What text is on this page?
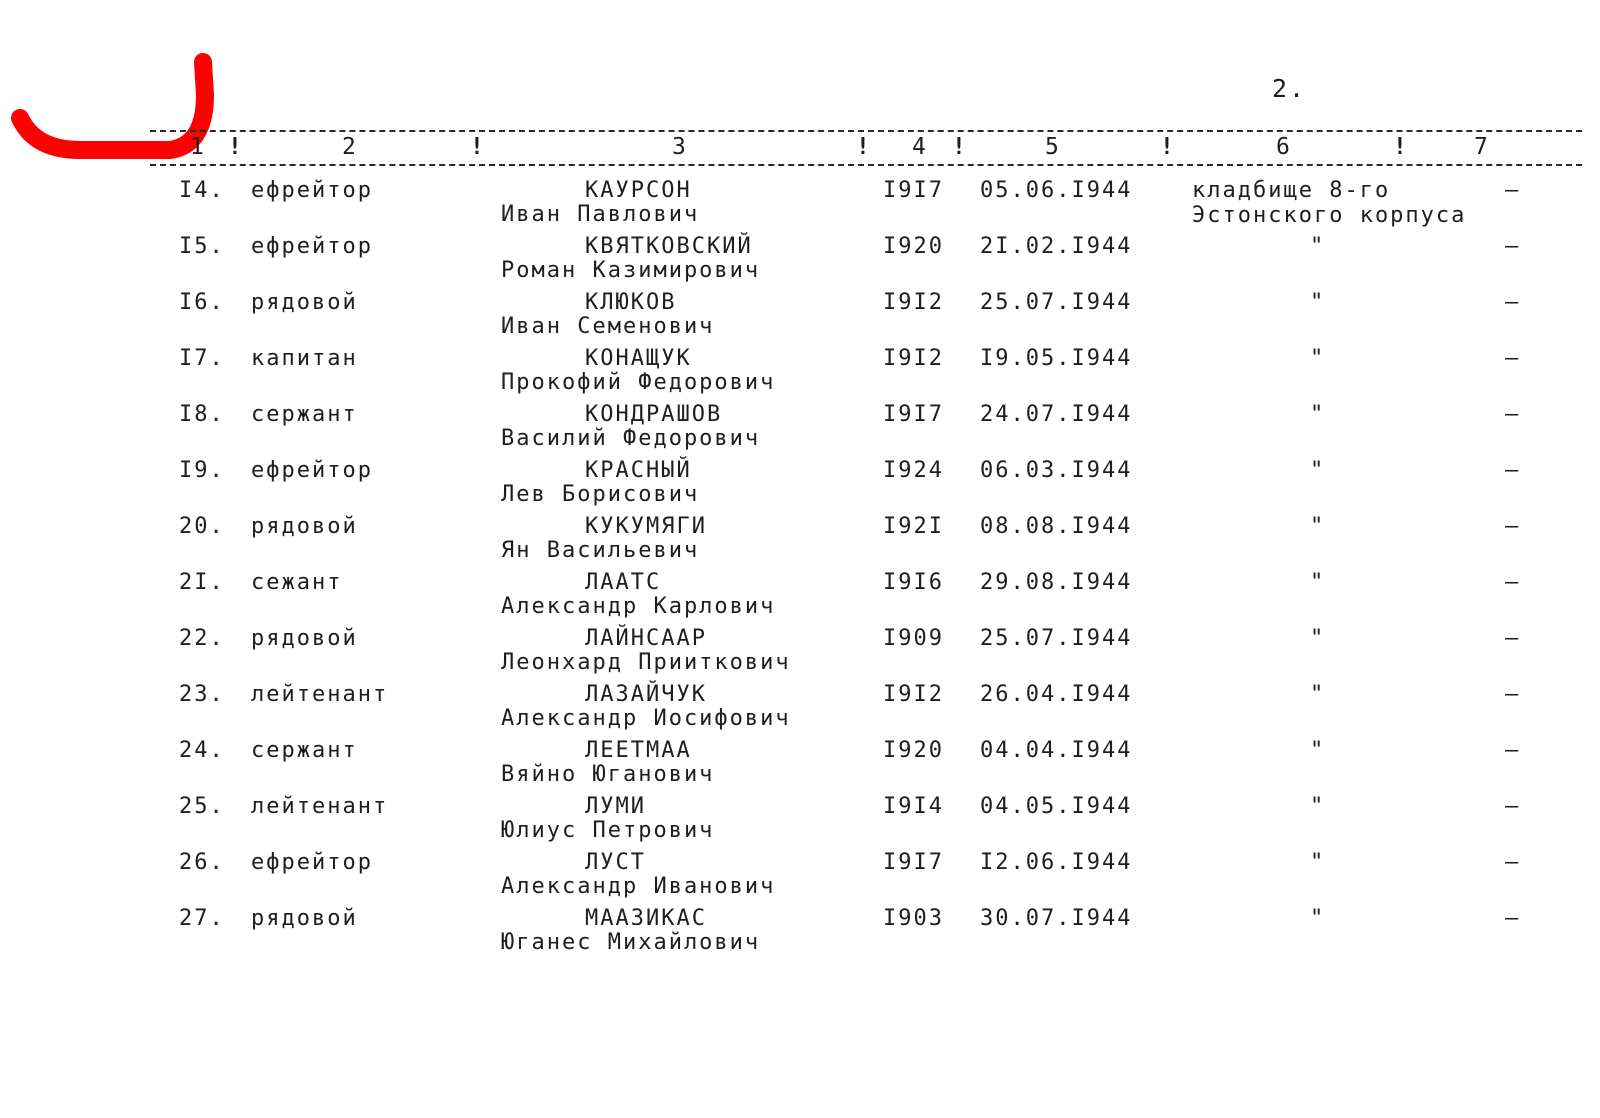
2.
1	2	3	4	5	6	7
!	!	!	!	!	!
I4. ефрейтор	КАУРСОН
Иван Павлович
I9I7 05.06.I944	кладбище 8-го
Эстонского корпуса
–
I5. ефрейтор	КВЯТКОВСКИЙ
Роман Казимирович
I920 2I.02.I944	"	–
I6. рядовой	КЛЮКОВ
Иван Семенович
I9I2 25.07.I944	"	–
I7. капитан	КОНАЩУК
Прокофий Федорович
I9I2 I9.05.I944	"	–
I8. сержант	КОНДРАШОВ
Василий Федорович
I9I7 24.07.I944	"	–
I9. ефрейтор	КРАСНЫЙ
Лев Борисович
I924 06.03.I944	"	–
20. рядовой	КУКУМЯГИ
Ян Васильевич
I92I 08.08.I944	"	–
2I. сежант	ЛААТС
Александр Карлович
I9I6 29.08.I944	"	–
22. рядовой	ЛАЙНСААР
Леонхард Прииткович
I909 25.07.I944	"	–
23. лейтенант	ЛАЗАЙЧУК
Александр Иосифович
I9I2 26.04.I944	"	–
24. сержант	ЛЕЕТМАА
Вяйно Юганович
I920 04.04.I944	"	–
25. лейтенант	ЛУМИ
Юлиус Петрович
I9I4 04.05.I944	"	–
26. ефрейтор	ЛУСТ
Александр Иванович
I9I7 I2.06.I944	"	–
27. рядовой	МААЗИКАС
Юганес Михайлович
I903 30.07.I944	"	–
